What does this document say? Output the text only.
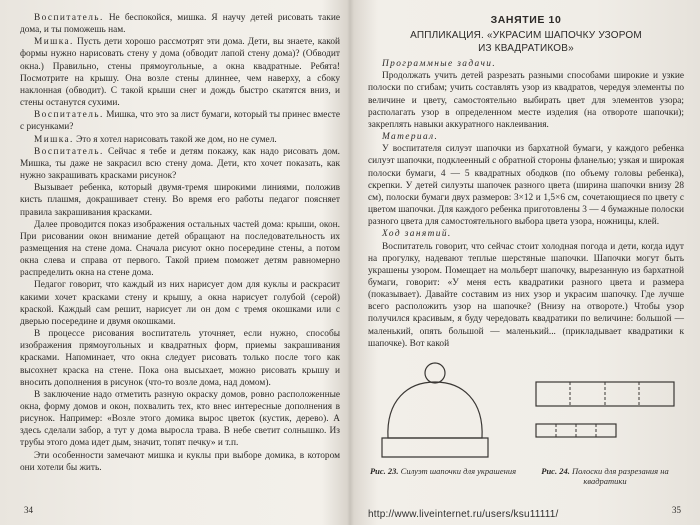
Воспитатель. Не беспокойся, мишка. Я научу детей рисовать такие дома, и ты поможешь нам.

Мишка. Пусть дети хорошо рассмотрят эти дома. Дети, вы знаете, какой формы нужно нарисовать стену у дома (обводит лапой стену дома)? (Обводит окна.) Правильно, стены прямоугольные, а окна квадратные. Ребята! Посмотрите на крышу. Она возле стены длиннее, чем наверху, а сбоку наклонная (обводит). С такой крыши снег и дождь быстро скатятся вниз, и стены останутся сухими.

Воспитатель. Мишка, что это за лист бумаги, который ты принес вместе с рисунками?

Мишка. Это я хотел нарисовать такой же дом, но не сумел.

Воспитатель. Сейчас я тебе и детям покажу, как надо рисовать дом. Мишка, ты даже не закрасил всю стену дома. Дети, кто хочет показать, как нужно закрашивать красками рисунок?

Вызывает ребенка, который двумя-тремя широкими линиями, положив кисть плашмя, докрашивает стену. Во время его работы педагог поясняет правила закрашивания красками.

Далее проводится показ изображения остальных частей дома: крыши, окон. При рисовании окон внимание детей обращают на последовательность их размещения на стене дома. Сначала рисуют окно посередине стены, а потом окна слева и справа от первого. Такой прием поможет детям равномерно распределить окна на стене дома.

Педагог говорит, что каждый из них нарисует дом для куклы и раскрасит какими хочет красками стену и крышу, а окна нарисует голубой (серой) краской. Каждый сам решит, нарисует ли он дом с тремя окошками или с дверью посередине и двумя окошками.

В процессе рисования воспитатель уточняет, если нужно, способы изображения прямоугольных и квадратных форм, приемы закрашивания красками. Напоминает, что окна следует рисовать только после того как высохнет краска на стене. Пока она высыхает, можно рисовать крышу и вносить дополнения в рисунок (что-то возле дома, над домом).

В заключение надо отметить разную окраску домов, ровно расположенные окна, форму домов и окон, похвалить тех, кто внес интересные дополнения в рисунок. Например: «Возле этого домика вырос цветок (кустик, дерево). А здесь сделали забор, а тут у дома выросла трава. В небе светит солнышко. Из трубы этого дома идет дым, значит, топят печку» и т.п.

Эти особенности замечают мишка и куклы при выборе домика, в котором они хотели бы жить.

34
ЗАНЯТИЕ 10
АППЛИКАЦИЯ. «УКРАСИМ ШАПОЧКУ УЗОРОМ
ИЗ КВАДРАТИКОВ»

Программные задачи.

Продолжать учить детей разрезать разными способами широкие и узкие полоски по сгибам; учить составлять узор из квадратов, чередуя элементы по величине и цвету, самостоятельно выбирать цвет для элементов узора; располагать узор в определенном месте изделия (на отвороте шапочки); закреплять навыки аккуратного наклеивания.

Материал.

У воспитателя силуэт шапочки из бархатной бумаги, у каждого ребенка силуэт шапочки, подклеенный с обратной стороны фланелью; узкая и широкая полоски бумаги, 4 — 5 квадратных ободков (по объему головы ребенка), скрепки. У детей силуэты шапочек разного цвета (ширина шапочки внизу 28 см), полоски бумаги двух размеров: 3×12 и 1,5×6 см, сочетающиеся по цвету с цветом шапочки. Для каждого ребенка приготовлены 3 — 4 бумажные полоски разного цвета для самостоятельного выбора цвета узора, ножницы, клей.

Ход занятий.

Воспитатель говорит, что сейчас стоит холодная погода и дети, когда идут на прогулку, надевают теплые шерстяные шапочки. Шапочки могут быть украшены узором. Помещает на мольберт шапочку, вырезанную из бархатной бумаги, говорит: «У меня есть квадратики разного цвета и размера (показывает). Давайте составим из них узор и украсим шапочку. Где лучше всего расположить узор на шапочке? (Внизу на отвороте.) Чтобы узор получился красивым, я буду чередовать квадратики по величине: большой — маленький, опять большой — маленький... (прикладывает квадратики к шапочке). Вот какой

Рис. 23. Силуэт шапочки для украшения	Рис. 24. Полоски для разрезания на квадратики
35
http://www.liveinternet.ru/users/ksu11111/
